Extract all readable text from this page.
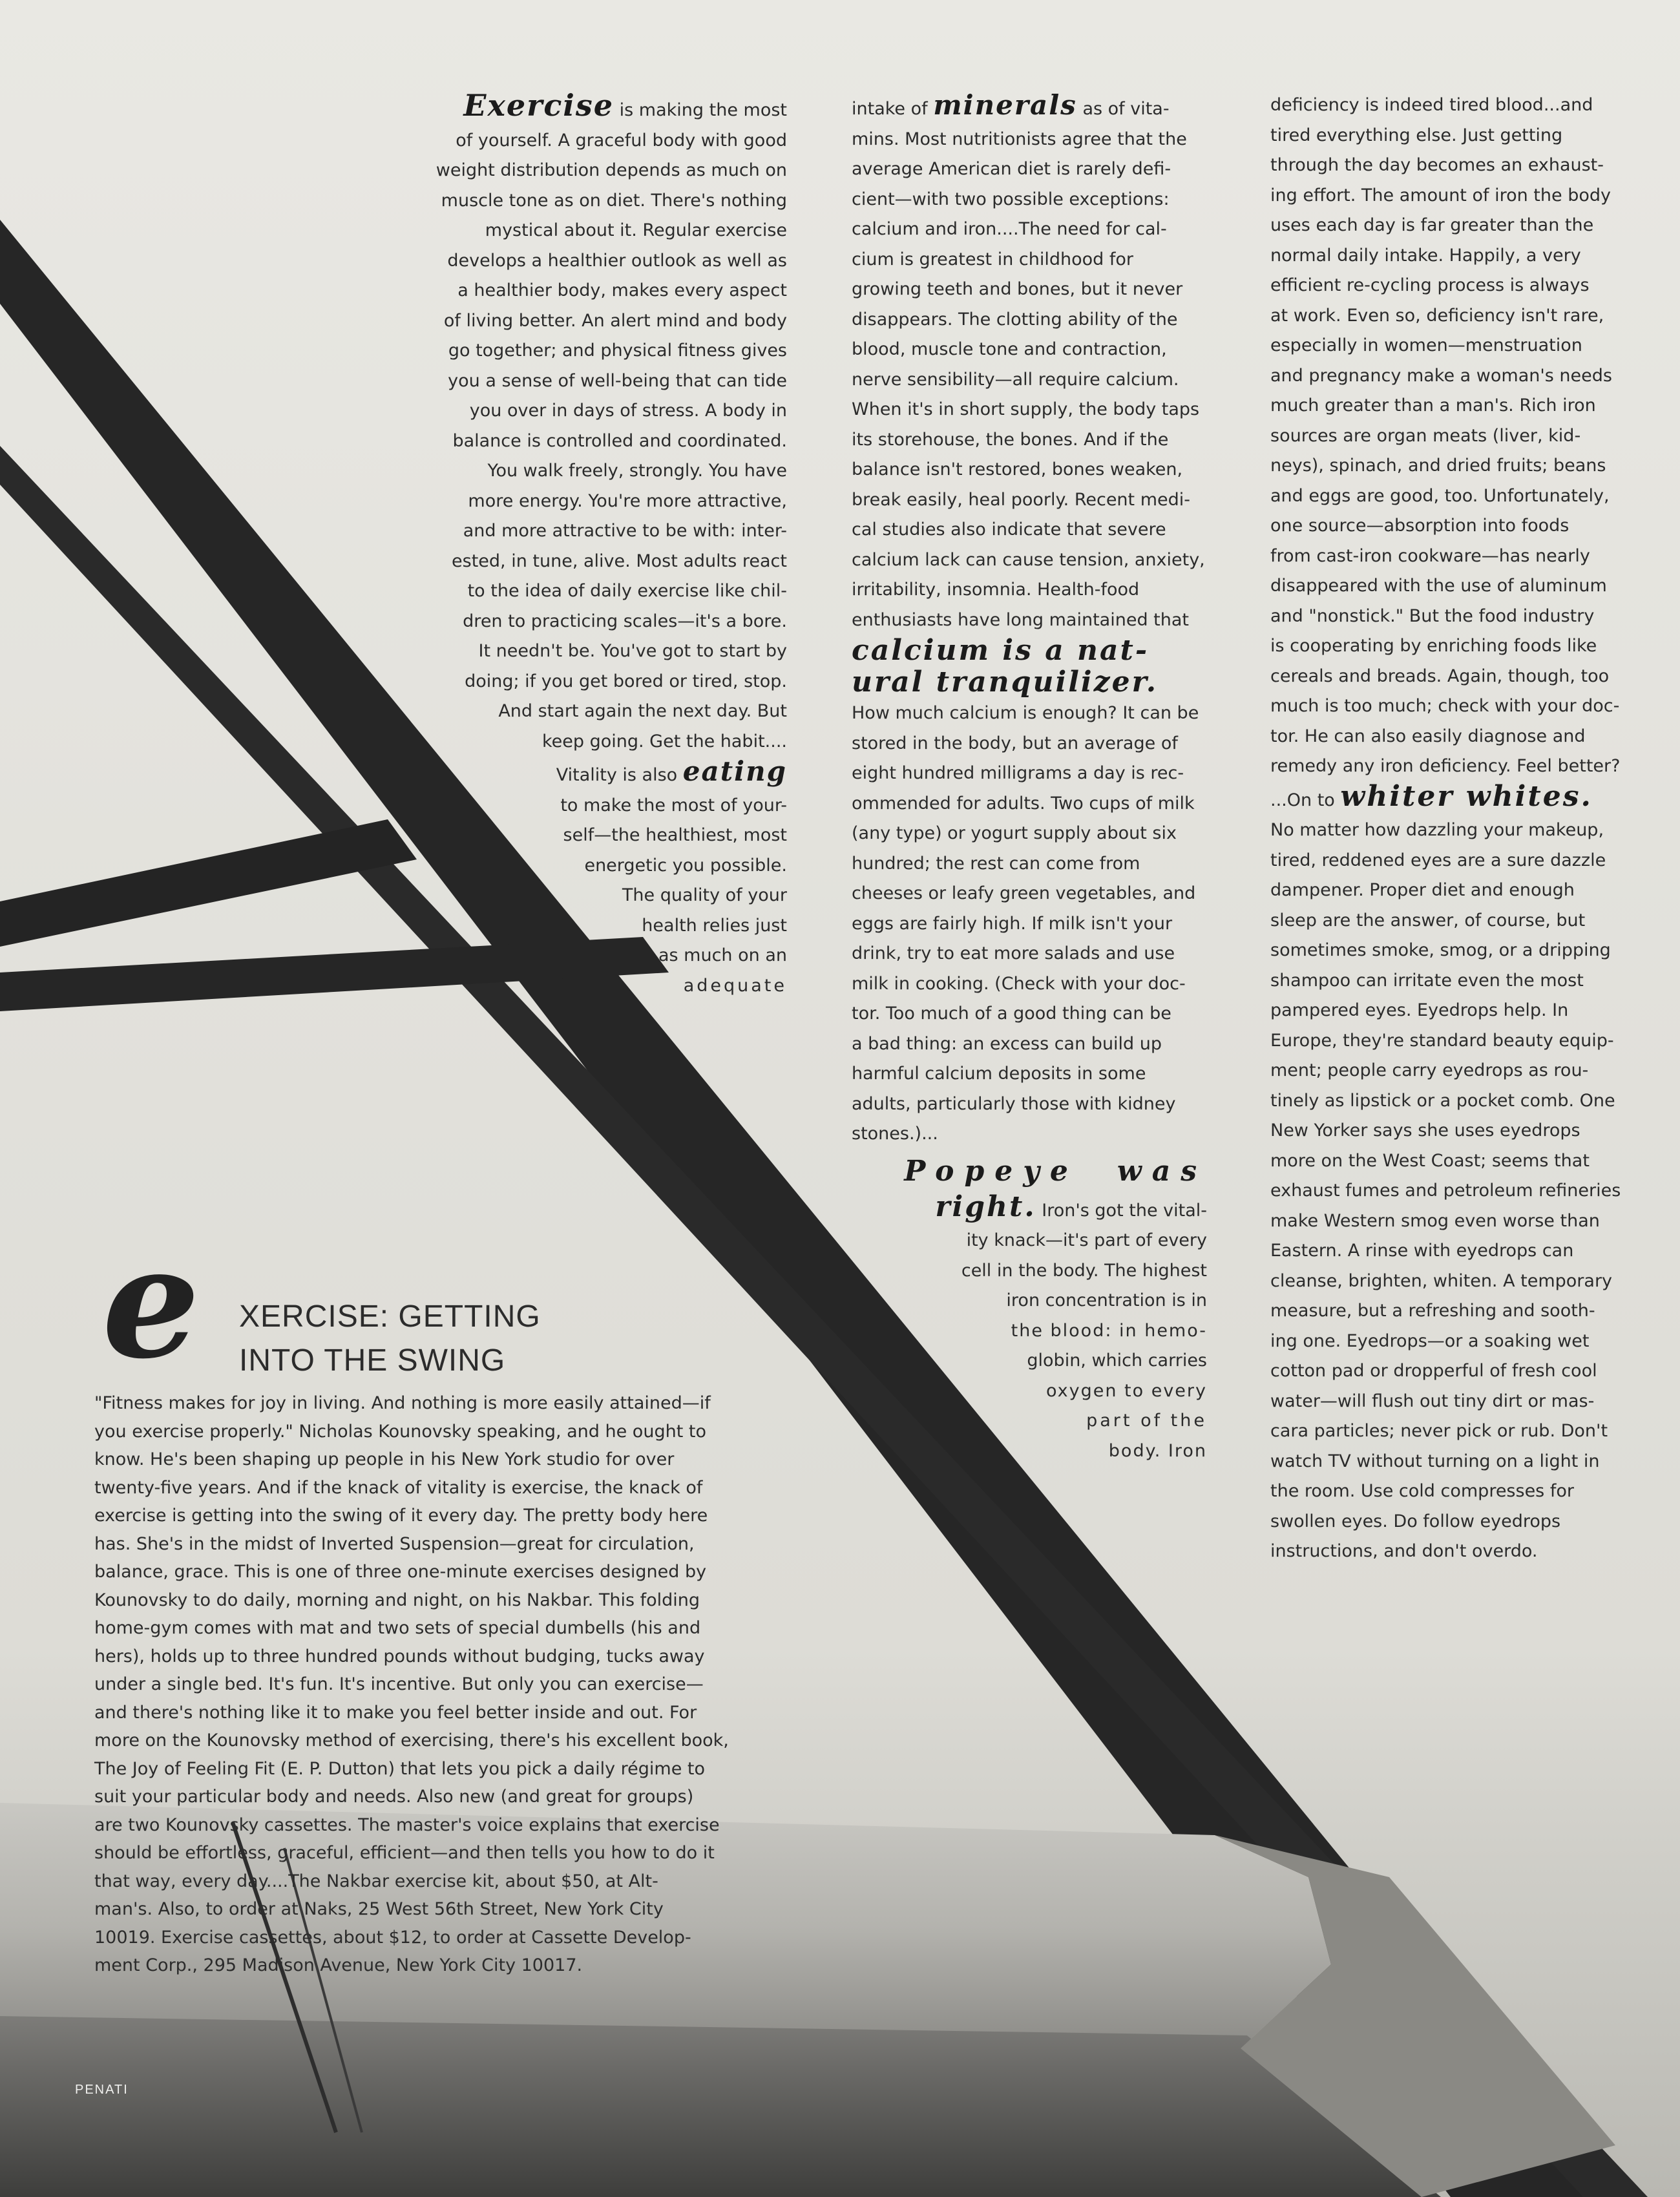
Exercise is making the most
of yourself. A graceful body with good
weight distribution depends as much on
muscle tone as on diet. There's nothing
mystical about it. Regular exercise
develops a healthier outlook as well as
a healthier body, makes every aspect
of living better. An alert mind and body
go together; and physical fitness gives
you a sense of well-being that can tide
you over in days of stress. A body in
balance is controlled and coordinated.
You walk freely, strongly. You have
more energy. You're more attractive,
and more attractive to be with: inter-
ested, in tune, alive. Most adults react
to the idea of daily exercise like chil-
dren to practicing scales—it's a bore.
It needn't be. You've got to start by
doing; if you get bored or tired, stop.
And start again the next day. But
keep going. Get the habit....
Vitality is also eating
to make the most of your-
self—the healthiest, most
energetic you possible.
The quality of your
health relies just
as much on an
adequate
intake of minerals as of vita-
mins. Most nutritionists agree that the
average American diet is rarely defi-
cient—with two possible exceptions:
calcium and iron....The need for cal-
cium is greatest in childhood for
growing teeth and bones, but it never
disappears. The clotting ability of the
blood, muscle tone and contraction,
nerve sensibility—all require calcium.
When it's in short supply, the body taps
its storehouse, the bones. And if the
balance isn't restored, bones weaken,
break easily, heal poorly. Recent medi-
cal studies also indicate that severe
calcium lack can cause tension, anxiety,
irritability, insomnia. Health-food
enthusiasts have long maintained that
calcium is a nat-
ural tranquilizer.
How much calcium is enough? It can be
stored in the body, but an average of
eight hundred milligrams a day is rec-
ommended for adults. Two cups of milk
(any type) or yogurt supply about six
hundred; the rest can come from
cheeses or leafy green vegetables, and
eggs are fairly high. If milk isn't your
drink, try to eat more salads and use
milk in cooking. (Check with your doc-
tor. Too much of a good thing can be
a bad thing: an excess can build up
harmful calcium deposits in some
adults, particularly those with kidney
stones.)...
Popeye was
right. Iron's got the vital-
ity knack—it's part of every
cell in the body. The highest
iron concentration is in
the blood: in hemo-
globin, which carries
oxygen to every
part of the
body. Iron
deficiency is indeed tired blood...and
tired everything else. Just getting
through the day becomes an exhaust-
ing effort. The amount of iron the body
uses each day is far greater than the
normal daily intake. Happily, a very
efficient re-cycling process is always
at work. Even so, deficiency isn't rare,
especially in women—menstruation
and pregnancy make a woman's needs
much greater than a man's. Rich iron
sources are organ meats (liver, kid-
neys), spinach, and dried fruits; beans
and eggs are good, too. Unfortunately,
one source—absorption into foods
from cast-iron cookware—has nearly
disappeared with the use of aluminum
and "nonstick." But the food industry
is cooperating by enriching foods like
cereals and breads. Again, though, too
much is too much; check with your doc-
tor. He can also easily diagnose and
remedy any iron deficiency. Feel better?
...On to whiter whites.
No matter how dazzling your makeup,
tired, reddened eyes are a sure dazzle
dampener. Proper diet and enough
sleep are the answer, of course, but
sometimes smoke, smog, or a dripping
shampoo can irritate even the most
pampered eyes. Eyedrops help. In
Europe, they're standard beauty equip-
ment; people carry eyedrops as rou-
tinely as lipstick or a pocket comb. One
New Yorker says she uses eyedrops
more on the West Coast; seems that
exhaust fumes and petroleum refineries
make Western smog even worse than
Eastern. A rinse with eyedrops can
cleanse, brighten, whiten. A temporary
measure, but a refreshing and sooth-
ing one. Eyedrops—or a soaking wet
cotton pad or dropperful of fresh cool
water—will flush out tiny dirt or mas-
cara particles; never pick or rub. Don't
watch TV without turning on a light in
the room. Use cold compresses for
swollen eyes. Do follow eyedrops
instructions, and don't overdo.
e XERCISE: GETTING
INTO THE SWING
"Fitness makes for joy in living. And nothing is more easily attained—if
you exercise properly." Nicholas Kounovsky speaking, and he ought to
know. He's been shaping up people in his New York studio for over
twenty-five years. And if the knack of vitality is exercise, the knack of
exercise is getting into the swing of it every day. The pretty body here
has. She's in the midst of Inverted Suspension—great for circulation,
balance, grace. This is one of three one-minute exercises designed by
Kounovsky to do daily, morning and night, on his Nakbar. This folding
home-gym comes with mat and two sets of special dumbells (his and
hers), holds up to three hundred pounds without budging, tucks away
under a single bed. It's fun. It's incentive. But only you can exercise—
and there's nothing like it to make you feel better inside and out. For
more on the Kounovsky method of exercising, there's his excellent book,
The Joy of Feeling Fit (E. P. Dutton) that lets you pick a daily régime to
suit your particular body and needs. Also new (and great for groups)
are two Kounovsky cassettes. The master's voice explains that exercise
should be effortless, graceful, efficient—and then tells you how to do it
that way, every day....The Nakbar exercise kit, about $50, at Alt-
man's. Also, to order at Naks, 25 West 56th Street, New York City
10019. Exercise cassettes, about $12, to order at Cassette Develop-
ment Corp., 295 Madison Avenue, New York City 10017.
PENATI
